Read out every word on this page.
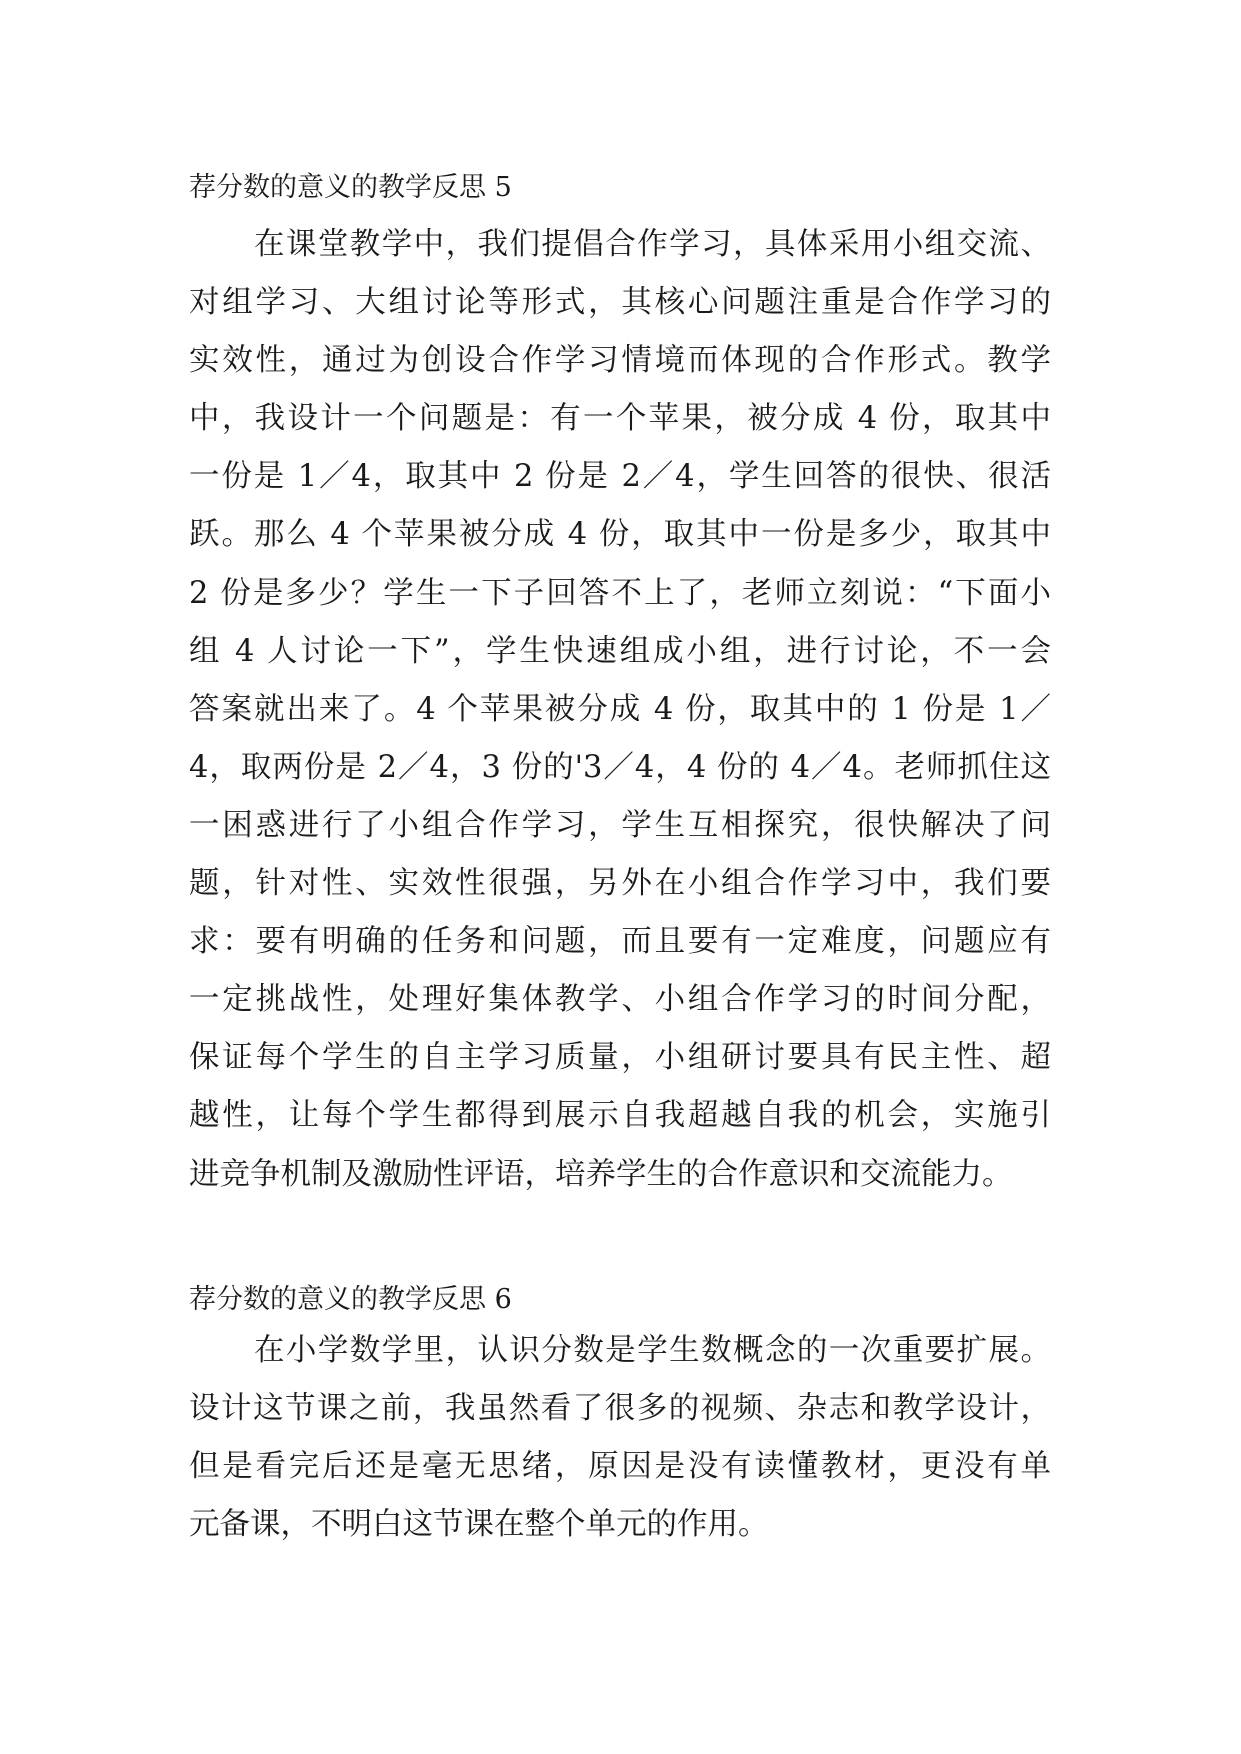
荐分数的意义的教学反思 5
在课堂教学中，我们提倡合作学习，具体采用小组交流、
对组学习、大组讨论等形式，其核心问题注重是合作学习的
实效性，通过为创设合作学习情境而体现的合作形式。教学
中，我设计一个问题是：有一个苹果，被分成 4 份，取其中
一份是 1／4，取其中 2 份是 2／4，学生回答的很快、很活
跃。那么 4 个苹果被分成 4 份，取其中一份是多少，取其中
2 份是多少？学生一下子回答不上了，老师立刻说：“下面小
组 4 人讨论一下”，学生快速组成小组，进行讨论，不一会
答案就出来了。4 个苹果被分成 4 份，取其中的 1 份是 1／
4，取两份是 2／4，3 份的'3／4，4 份的 4／4。老师抓住这
一困惑进行了小组合作学习，学生互相探究，很快解决了问
题，针对性、实效性很强，另外在小组合作学习中，我们要
求：要有明确的任务和问题，而且要有一定难度，问题应有
一定挑战性，处理好集体教学、小组合作学习的时间分配，
保证每个学生的自主学习质量，小组研讨要具有民主性、超
越性，让每个学生都得到展示自我超越自我的机会，实施引
进竞争机制及激励性评语，培养学生的合作意识和交流能力。
荐分数的意义的教学反思 6
在小学数学里，认识分数是学生数概念的一次重要扩展。
设计这节课之前，我虽然看了很多的视频、杂志和教学设计，
但是看完后还是毫无思绪，原因是没有读懂教材，更没有单
元备课，不明白这节课在整个单元的作用。
